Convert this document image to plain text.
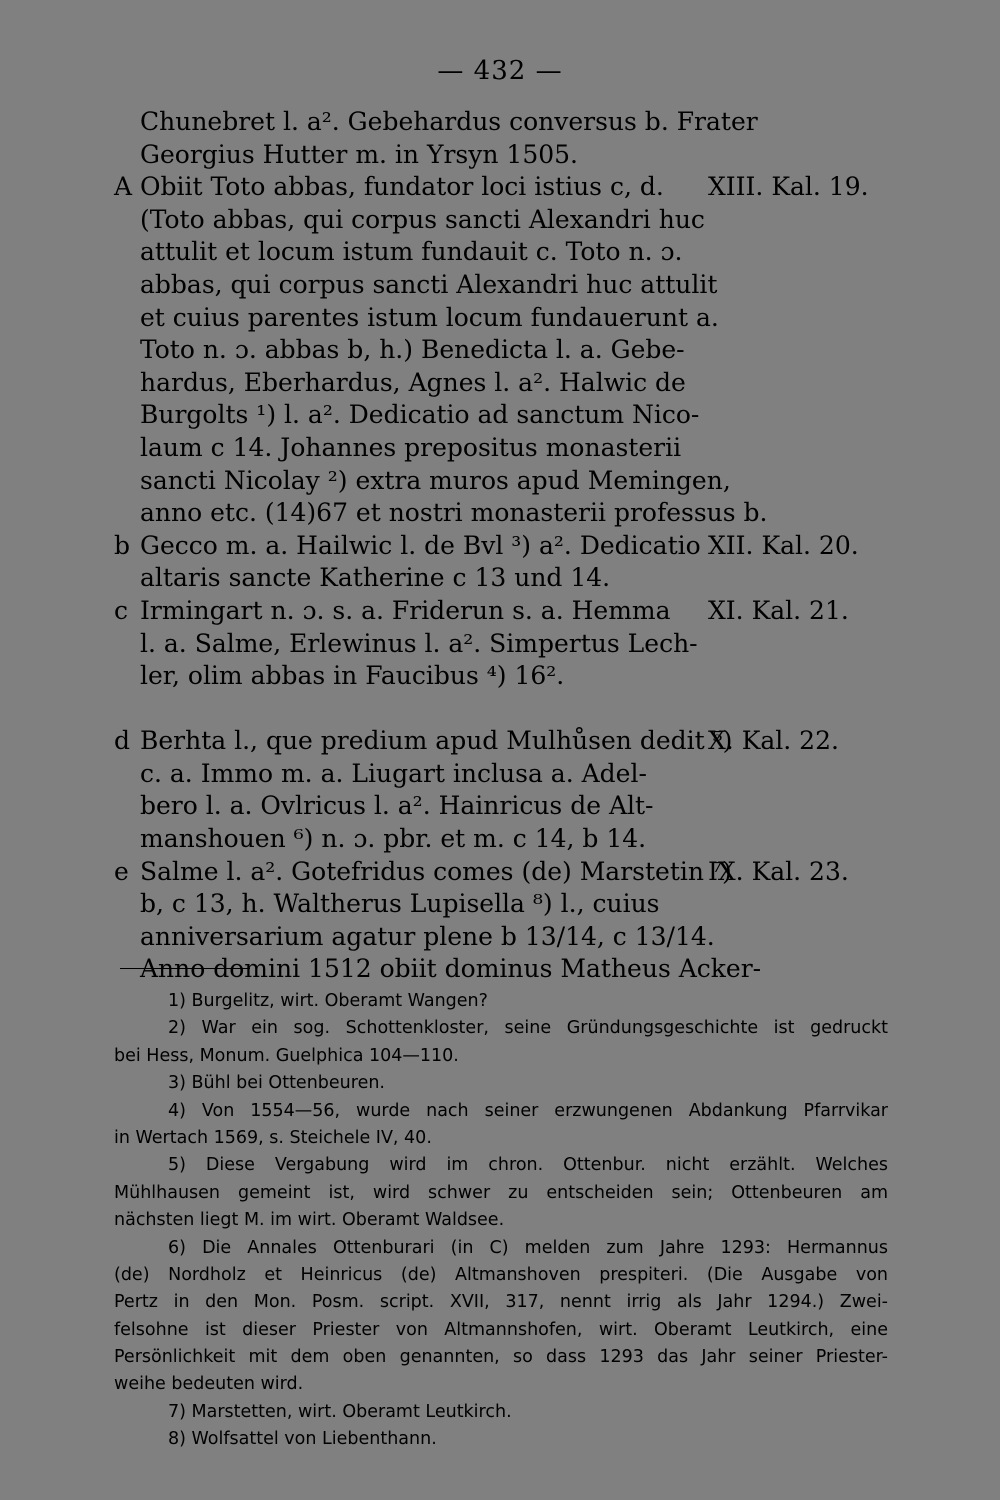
— 432 —
Chunebret l. a². Gebehardus conversus b. Frater
Georgius Hutter m. in Yrsyn 1505.
A Obiit Toto abbas, fundator loci istius c, d. XIII. Kal. 19.
(Toto abbas, qui corpus sancti Alexandri huc
attulit et locum istum fundauit c. Toto n. ɔ.
abbas, qui corpus sancti Alexandri huc attulit
et cuius parentes istum locum fundauerunt a.
Toto n. ɔ. abbas b, h.) Benedicta l. a. Gebe-
hardus, Eberhardus, Agnes l. a². Halwic de
Burgolts ¹) l. a². Dedicatio ad sanctum Nico-
laum c 14. Johannes prepositus monasterii
sancti Nicolay ²) extra muros apud Memingen,
anno etc. (14)67 et nostri monasterii professus b.
b Gecco m. a. Hailwic l. de Bvl ³) a². Dedicatio XII. Kal. 20.
altaris sancte Katherine c 13 und 14.
c Irmingart n. ɔ. s. a. Friderun s. a. Hemma XI. Kal. 21.
l. a. Salme, Erlewinus l. a². Simpertus Lech-
ler, olim abbas in Faucibus ⁴) 16².
d Berhta l., que predium apud Mulhůsen dedit ⁵)
X. Kal. 22.
c. a. Immo m. a. Liugart inclusa a. Adel-
bero l. a. Ovlricus l. a². Hainricus de Alt-
manshouen ⁶) n. ɔ. pbr. et m. c 14, b 14.
e Salme l. a². Gotefridus comes (de) Marstetin ⁷)
IX. Kal. 23.
b, c 13, h. Waltherus Lupisella ⁸) l., cuius
anniversarium agatur plene b 13/14, c 13/14.
Anno domini 1512 obiit dominus Matheus Acker-
1) Burgelitz, wirt. Oberamt Wangen?
2) War ein sog. Schottenkloster, seine Gründungsgeschichte ist gedruckt
bei Hess, Monum. Guelphica 104—110.
3) Bühl bei Ottenbeuren.
4) Von 1554—56, wurde nach seiner erzwungenen Abdankung Pfarrvikar
in Wertach 1569, s. Steichele IV, 40.
5) Diese Vergabung wird im chron. Ottenbur. nicht erzählt. Welches
Mühlhausen gemeint ist, wird schwer zu entscheiden sein; Ottenbeuren am
nächsten liegt M. im wirt. Oberamt Waldsee.
6) Die Annales Ottenburari (in C) melden zum Jahre 1293: Hermannus
(de) Nordholz et Heinricus (de) Altmanshoven prespiteri. (Die Ausgabe von
Pertz in den Mon. Posm. script. XVII, 317, nennt irrig als Jahr 1294.) Zwei-
felsohne ist dieser Priester von Altmannshofen, wirt. Oberamt Leutkirch, eine
Persönlichkeit mit dem oben genannten, so dass 1293 das Jahr seiner Priester-
weihe bedeuten wird.
7) Marstetten, wirt. Oberamt Leutkirch.
8) Wolfsattel von Liebenthann.
